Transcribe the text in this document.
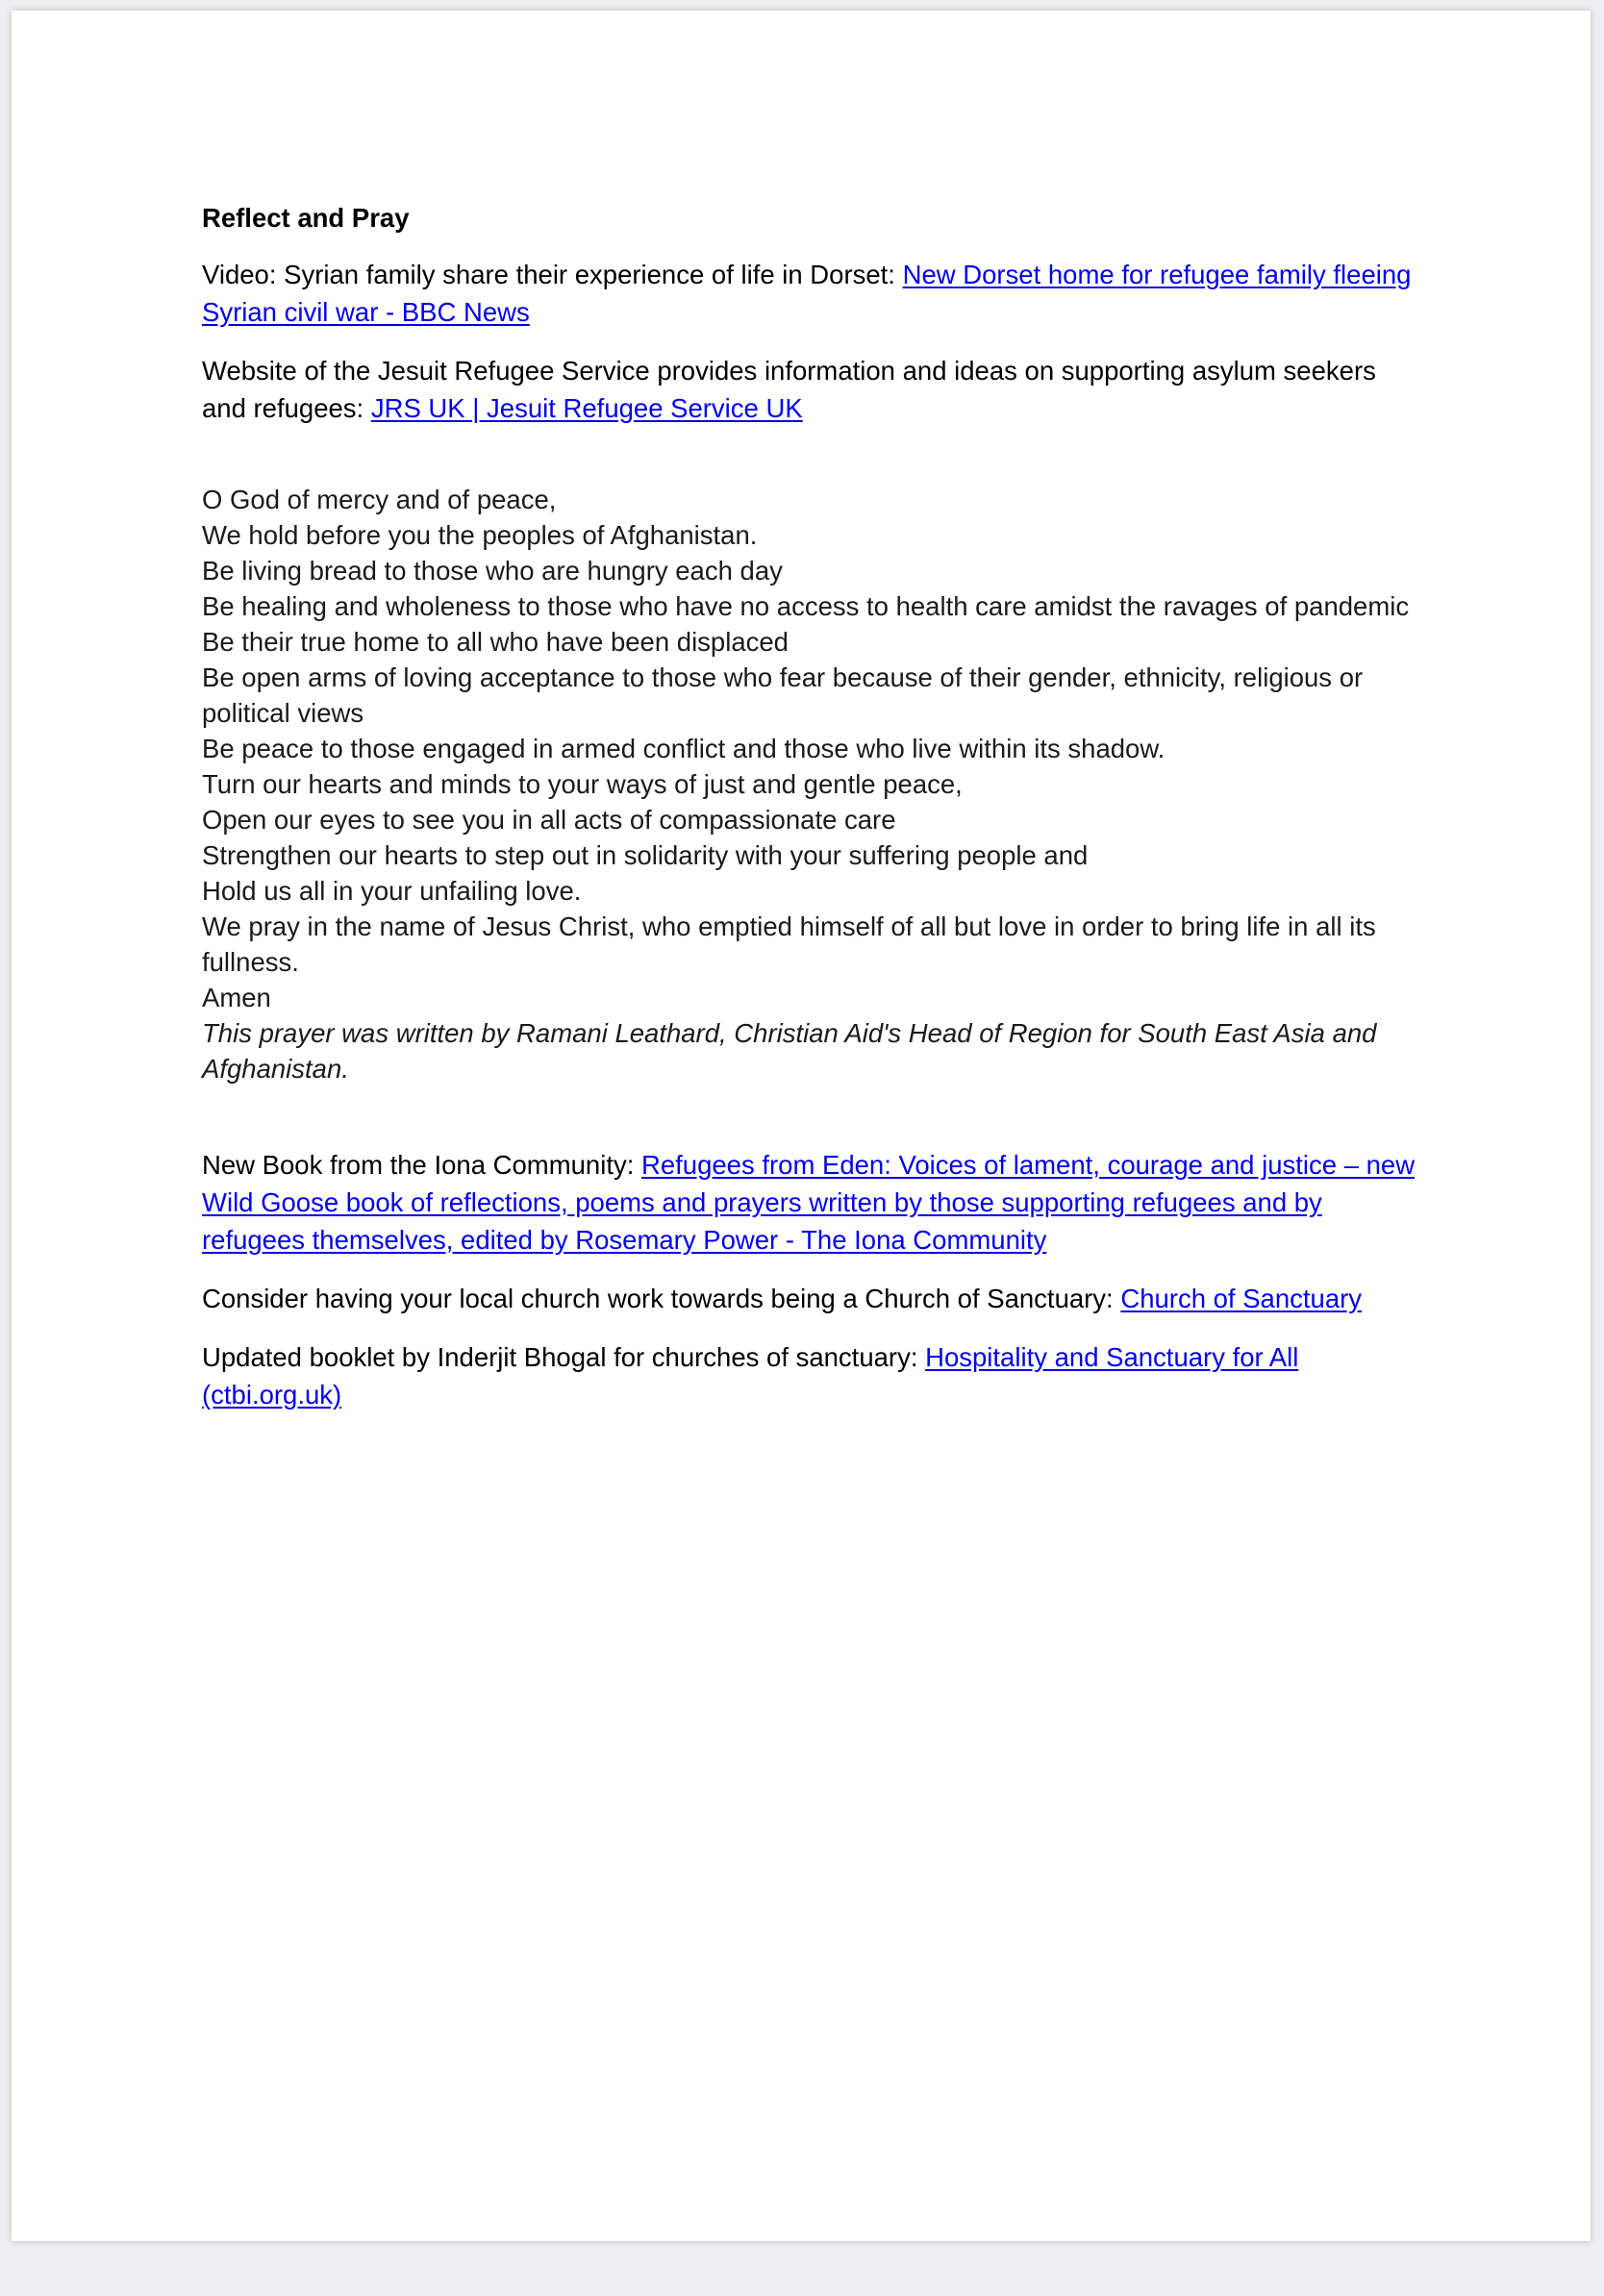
Reflect and Pray

Video: Syrian family share their experience of life in Dorset: New Dorset home for refugee family fleeing Syrian civil war - BBC News

Website of the Jesuit Refugee Service provides information and ideas on supporting asylum seekers and refugees: JRS UK | Jesuit Refugee Service UK

O God of mercy and of peace,
We hold before you the peoples of Afghanistan.
Be living bread to those who are hungry each day
Be healing and wholeness to those who have no access to health care amidst the ravages of pandemic
Be their true home to all who have been displaced
Be open arms of loving acceptance to those who fear because of their gender, ethnicity, religious or political views
Be peace to those engaged in armed conflict and those who live within its shadow.
Turn our hearts and minds to your ways of just and gentle peace,
Open our eyes to see you in all acts of compassionate care
Strengthen our hearts to step out in solidarity with your suffering people and
Hold us all in your unfailing love.
We pray in the name of Jesus Christ, who emptied himself of all but love in order to bring life in all its fullness.
Amen
This prayer was written by Ramani Leathard, Christian Aid's Head of Region for South East Asia and Afghanistan.

New Book from the Iona Community: Refugees from Eden: Voices of lament, courage and justice – new Wild Goose book of reflections, poems and prayers written by those supporting refugees and by refugees themselves, edited by Rosemary Power - The Iona Community

Consider having your local church work towards being a Church of Sanctuary: Church of Sanctuary

Updated booklet by Inderjit Bhogal for churches of sanctuary: Hospitality and Sanctuary for All (ctbi.org.uk)
